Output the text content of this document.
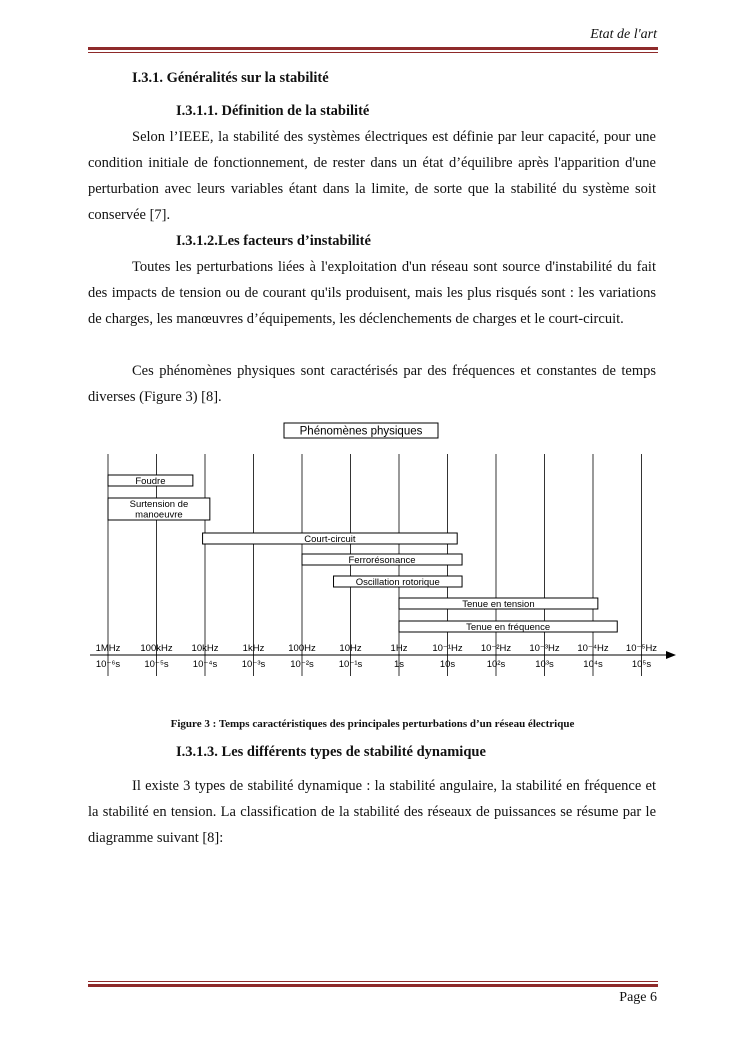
Etat de l'art
I.3.1. Généralités sur la stabilité
I.3.1.1. Définition de la stabilité

Selon l’IEEE, la stabilité des systèmes électriques est définie par leur capacité, pour une condition initiale de fonctionnement, de rester dans un état d’équilibre après l'apparition d'une perturbation avec leurs variables étant dans la limite, de sorte que la stabilité du système soit conservée [7].

I.3.1.2.Les facteurs d’instabilité

Toutes les perturbations liées à l'exploitation d'un réseau sont source d'instabilité du fait des impacts de tension ou de courant qu'ils produisent, mais les plus risqués sont : les variations de charges, les manœuvres d’équipements, les déclenchements de charges et le court-circuit.

Ces phénomènes physiques sont caractérisés par des fréquences et constantes de temps diverses (Figure 3) [8].

Phénomènes physiques
Foudre
Surtension de
manoeuvre
Court-circuit
Ferrorésonance
Oscillation rotorique
Tenue en tension
Tenue en fréquence
1MHz
10⁻⁶s
100kHz
10⁻⁵s
10kHz
10⁻⁴s
1kHz
10⁻³s
100Hz
10⁻²s
10Hz
10⁻¹s
1Hz
1s
10⁻¹Hz
10s
10⁻²Hz
10²s
10⁻³Hz
10³s
10⁻⁴Hz
10⁴s
10⁻⁵Hz
10⁵s
Figure 3 : Temps caractéristiques des principales perturbations d’un réseau électrique
I.3.1.3. Les différents types de stabilité dynamique

Il existe 3 types de stabilité dynamique : la stabilité angulaire, la stabilité en fréquence et la stabilité en tension. La classification de la stabilité des réseaux de puissances se résume par le diagramme suivant [8]:

Page 6
